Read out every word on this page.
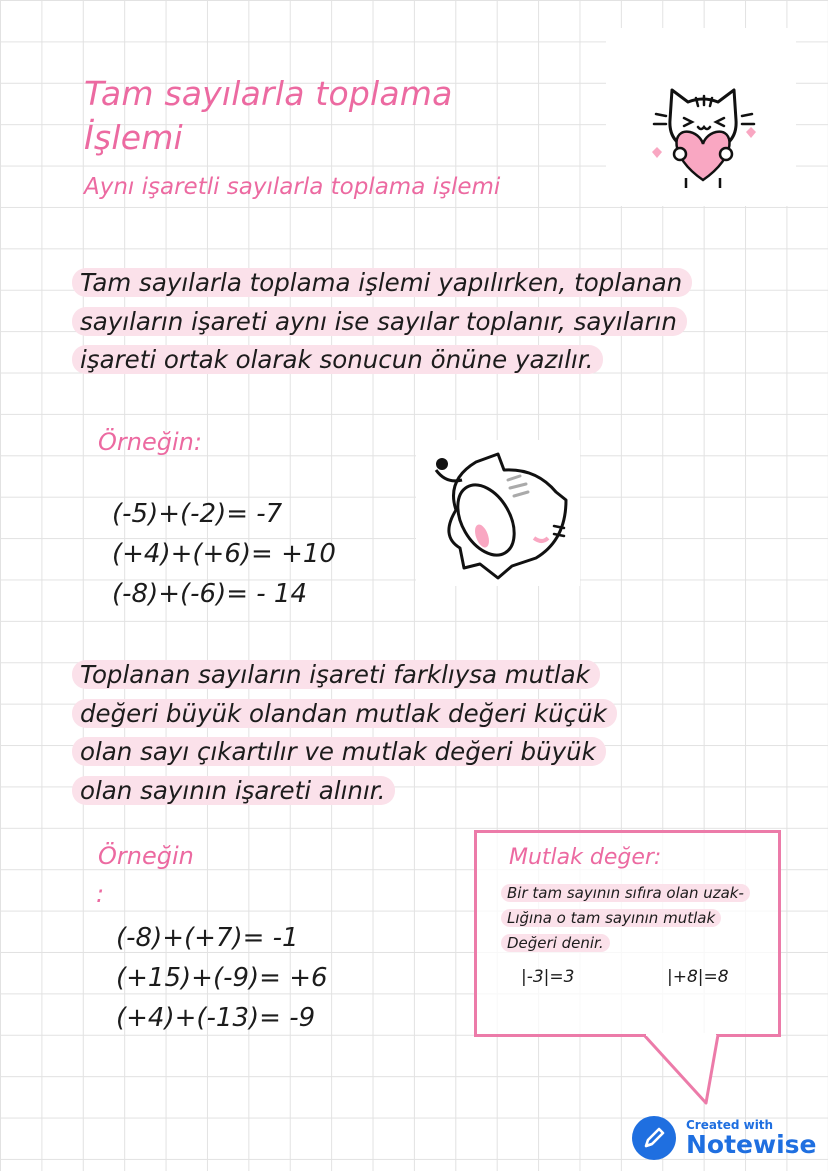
Tam sayılarla toplama
İşlemi
Aynı işaretli sayılarla toplama işlemi
Tam sayılarla toplama işlemi yapılırken, toplanan
sayıların işareti aynı ise sayılar toplanır, sayıların
işareti ortak olarak sonucun önüne yazılır.
Örneğin:
(-5)+(-2)= -7
(+4)+(+6)= +10
(-8)+(-6)= - 14
Toplanan sayıların işareti farklıysa mutlak
değeri büyük olandan mutlak değeri küçük
olan sayı çıkartılır ve mutlak değeri büyük
olan sayının işareti alınır.
Örneğin
:
(-8)+(+7)= -1
(+15)+(-9)= +6
(+4)+(-13)= -9
Mutlak değer:
Bir tam sayının sıfıra olan uzak-
Lığına o tam sayının mutlak
Değeri denir.
|-3|=3	|+8|=8
Created with
Notewise
